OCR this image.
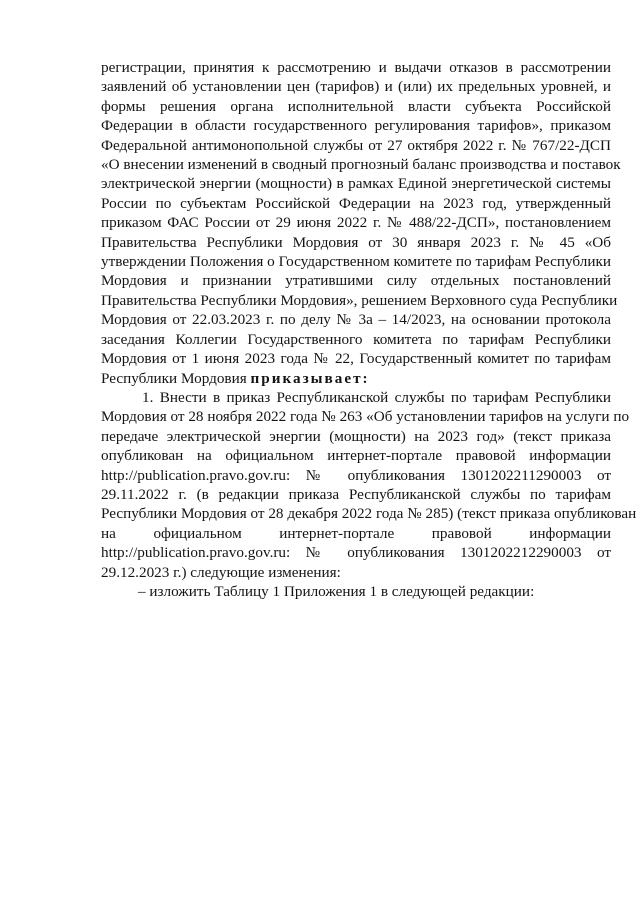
регистрации, принятия к рассмотрению и выдачи отказов в рассмотрении
заявлений об установлении цен (тарифов) и (или) их предельных уровней, и
формы решения органа исполнительной власти субъекта Российской
Федерации в области государственного регулирования тарифов», приказом
Федеральной антимонопольной службы от 27 октября 2022 г. № 767/22-ДСП
«О внесении изменений в сводный прогнозный баланс производства и поставок
электрической энергии (мощности) в рамках Единой энергетической системы
России по субъектам Российской Федерации на 2023 год, утвержденный
приказом ФАС России от 29 июня 2022 г. № 488/22-ДСП», постановлением
Правительства Республики Мордовия от 30 января 2023 г. № 45 «Об
утверждении Положения о Государственном комитете по тарифам Республики
Мордовия и признании утратившими силу отдельных постановлений
Правительства Республики Мордовия», решением Верховного суда Республики
Мордовия от 22.03.2023 г. по делу № 3а – 14/2023, на основании протокола
заседания Коллегии Государственного комитета по тарифам Республики
Мордовия от 1 июня 2023 года № 22, Государственный комитет по тарифам
Республики Мордовия приказывает:
1. Внести в приказ Республиканской службы по тарифам Республики
Мордовия от 28 ноября 2022 года № 263 «Об установлении тарифов на услуги по
передаче электрической энергии (мощности) на 2023 год» (текст приказа
опубликован на официальном интернет-портале правовой информации
http://publication.pravo.gov.ru: № опубликования 1301202211290003 от
29.11.2022 г. (в редакции приказа Республиканской службы по тарифам
Республики Мордовия от 28 декабря 2022 года № 285) (текст приказа опубликован
на официальном интернет-портале правовой информации
http://publication.pravo.gov.ru: № опубликования 1301202212290003 от
29.12.2023 г.) следующие изменения:
– изложить Таблицу 1 Приложения 1 в следующей редакции:
